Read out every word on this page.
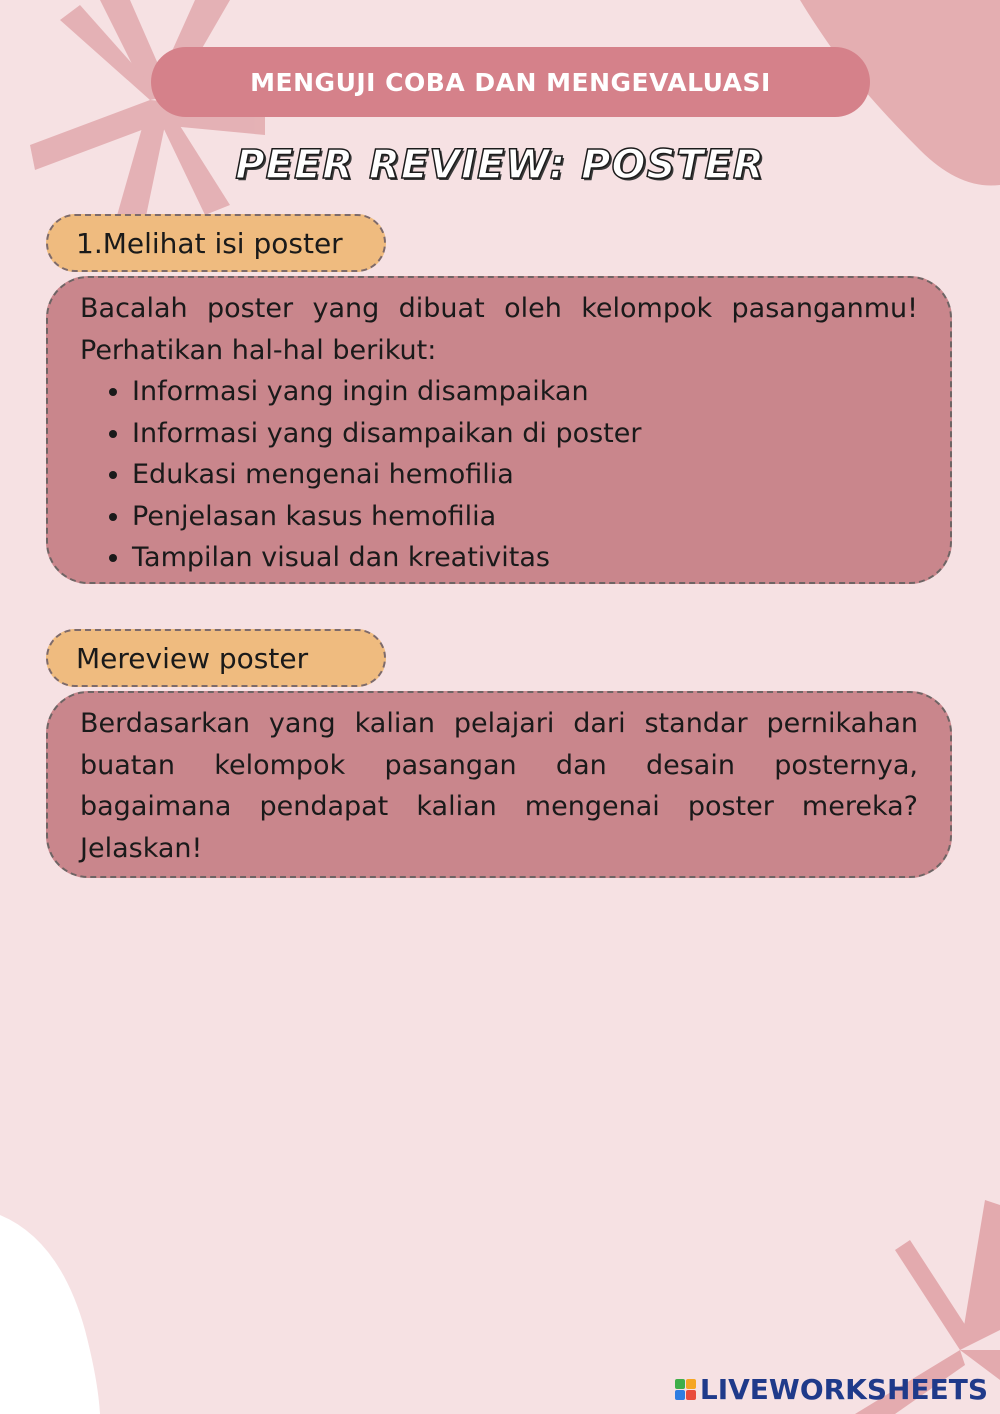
MENGUJI COBA DAN MENGEVALUASI
PEER REVIEW: POSTER
1.Melihat isi poster

Bacalah poster yang dibuat oleh kelompok pasanganmu! Perhatikan hal-hal berikut:

• Informasi yang ingin disampaikan
• Informasi yang disampaikan di poster
• Edukasi mengenai hemofilia
• Penjelasan kasus hemofilia
• Tampilan visual dan kreativitas
Mereview poster

Berdasarkan yang kalian pelajari dari standar pernikahan buatan kelompok pasangan dan desain posternya, bagaimana pendapat kalian mengenai poster mereka? Jelaskan!

LIVEWORKSHEETS
